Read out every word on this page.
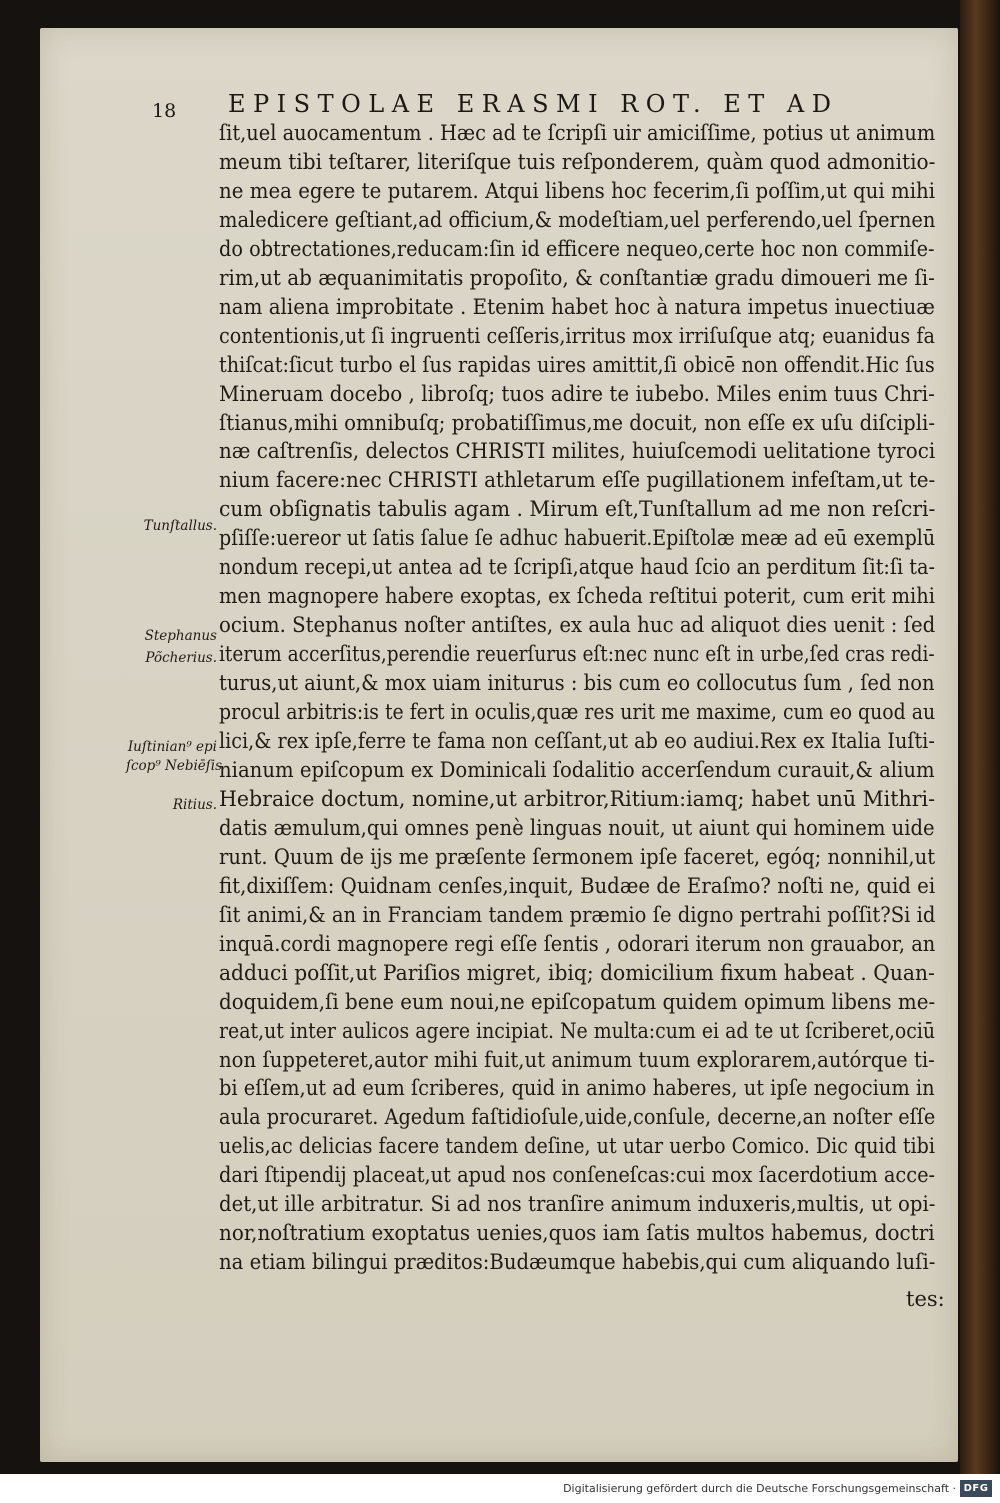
18 EPISTOLAE ERASMI ROT. ET AD
ſit,uel auocamentum . Hæc ad te ſcripſi uir amiciſſime, potius ut animum
meum tibi teſtarer, literiſque tuis reſponderem, quàm quod admonitio-
ne mea egere te putarem. Atqui libens hoc fecerim,ſi poſſim,ut qui mihi
maledicere geſtiant,ad officium,& modeſtiam,uel perferendo,uel ſpernen
do obtrectationes,reducam:ſin id efficere nequeo,certe hoc non commiſe-
rim,ut ab æquanimitatis propoſito, & conſtantiæ gradu dimoueri me ſi-
nam aliena improbitate . Etenim habet hoc à natura impetus inuectiuæ
contentionis,ut ſi ingruenti ceſſeris,irritus mox irriſuſque atq; euanidus fa
thiſcat:ſicut turbo el ſus rapidas uires amittit,ſi obicē non offendit.Hic ſus
Mineruam docebo , libroſq; tuos adire te iubebo. Miles enim tuus Chri-
ſtianus,mihi omnibuſq; probatiſſimus,me docuit, non eſſe ex uſu diſcipli-
næ caſtrenſis, delectos CHRISTI milites, huiuſcemodi uelitatione tyroci
nium facere:nec CHRISTI athletarum eſſe pugillationem infeſtam,ut te-
cum obſignatis tabulis agam . Mirum eſt,Tunſtallum ad me non reſcri-
pſiſſe:uereor ut ſatis ſalue ſe adhuc habuerit.Epiſtolæ meæ ad eū exemplū
nondum recepi,ut antea ad te ſcripſi,atque haud ſcio an perditum ſit:ſi ta-
men magnopere habere exoptas, ex ſcheda reſtitui poterit, cum erit mihi
ocium. Stephanus noſter antiſtes, ex aula huc ad aliquot dies uenit : ſed
iterum accerſitus,perendie reuerſurus eſt:nec nunc eſt in urbe,ſed cras redi-
turus,ut aiunt,& mox uiam initurus : bis cum eo collocutus ſum , ſed non
procul arbitris:is te fert in oculis,quæ res urit me maxime, cum eo quod au
lici,& rex ipſe,ferre te fama non ceſſant,ut ab eo audiui.Rex ex Italia Iuſti-
nianum epiſcopum ex Dominicali ſodalitio accerſendum curauit,& alium
Hebraice doctum, nomine,ut arbitror,Ritium:iamq; habet unū Mithri-
datis æmulum,qui omnes penè linguas nouit, ut aiunt qui hominem uide
runt. Quum de ijs me præſente ſermonem ipſe faceret, egóq; nonnihil,ut
fit,dixiſſem: Quidnam cenſes,inquit, Budæe de Eraſmo? noſti ne, quid ei
ſit animi,& an in Franciam tandem præmio ſe digno pertrahi poſſit?Si id
inquā.cordi magnopere regi eſſe ſentis , odorari iterum non grauabor, an
adduci poſſit,ut Pariſios migret, ibiq; domicilium fixum habeat . Quan-
doquidem,ſi bene eum noui,ne epiſcopatum quidem opimum libens me-
reat,ut inter aulicos agere incipiat. Ne multa:cum ei ad te ut ſcriberet,ociū
non ſuppeteret,autor mihi fuit,ut animum tuum explorarem,autórque ti-
bi eſſem,ut ad eum ſcriberes, quid in animo haberes, ut ipſe negocium in
aula procuraret. Agedum faſtidioſule,uide,conſule, decerne,an noſter eſſe
uelis,ac delicias facere tandem deſine, ut utar uerbo Comico. Dic quid tibi
dari ſtipendij placeat,ut apud nos conſeneſcas:cui mox ſacerdotium acce-
det,ut ille arbitratur. Si ad nos tranſire animum induxeris,multis, ut opi-
nor,noſtratium exoptatus uenies,quos iam ſatis multos habemus, doctri
na etiam bilingui præditos:Budæumque habebis,qui cum aliquando luſi-
Tunſtallus.
Stephanus
Põcherius.
Iuſtinian⁹ epi
ſcop⁹ Nebiēſis
Ritius.
tes:
Digitalisierung gefördert durch die Deutsche Forschungsgemeinschaft · DFG
